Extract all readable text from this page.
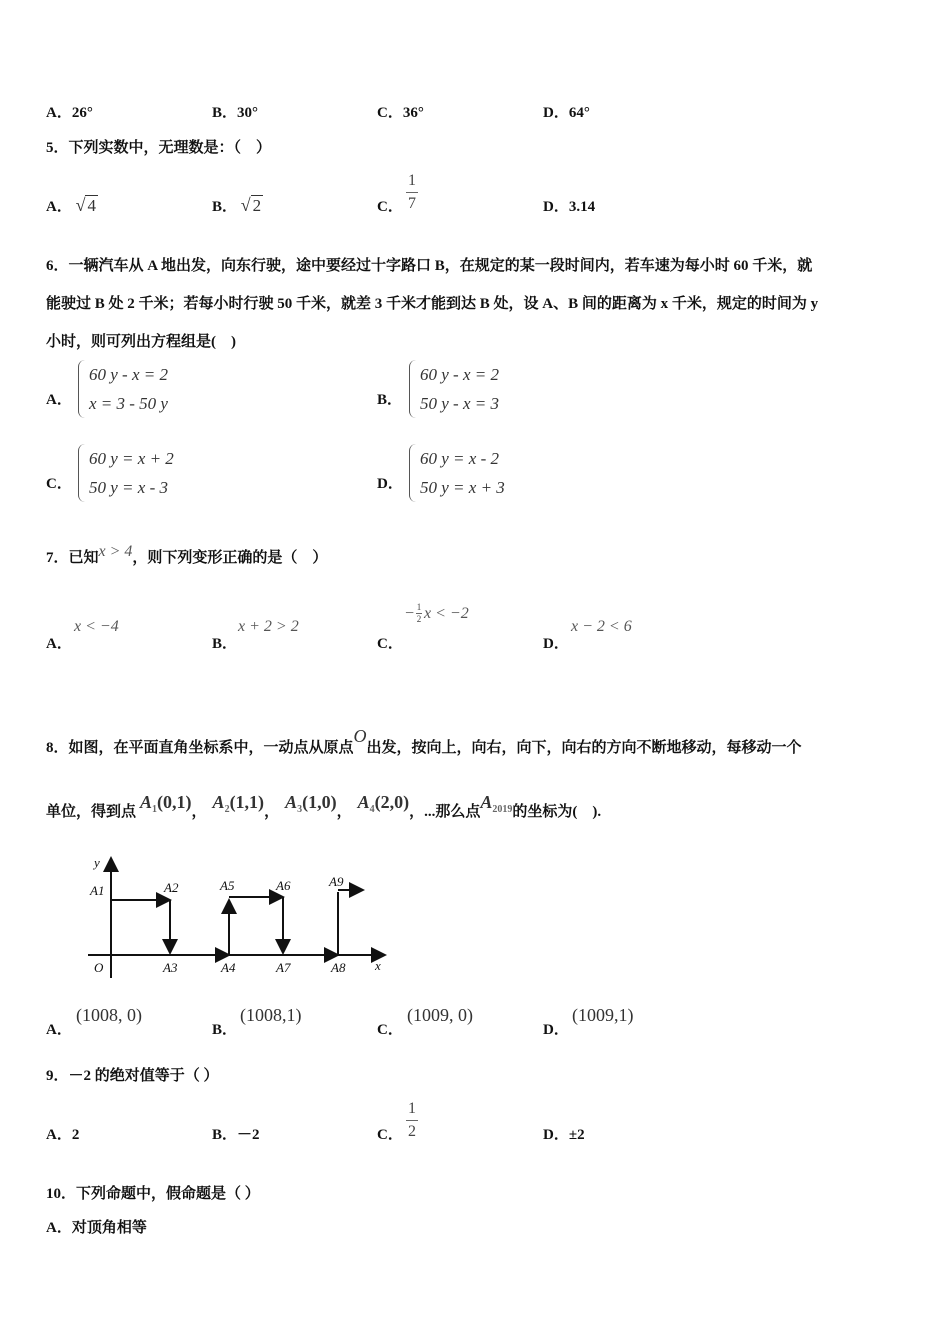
A．26°	B．30°	C．36°	D．64°
5．下列实数中，无理数是：（　）
A． √ 4	B． √ 2	C． $\frac{1}{7}$	D．3.14
6．一辆汽车从 A 地出发，向东行驶，途中要经过十字路口 B，在规定的某一段时间内，若车速为每小时 60 千米，就
能驶过 B 处 2 千米；若每小时行驶 50 千米，就差 3 千米才能到达 B 处，设 A、B 间的距离为 x 千米，规定的时间为 y
小时，则可列出方程组是(　)
A．
60 y - x = 2
x = 3 - 50 y	B．
60 y - x = 2
50 y - x = 3
C．
60 y = x + 2
50 y = x - 3	D．
60 y = x - 2
50 y = x + 3
7．已知x > 4，则下列变形正确的是（　）
A．
x < −4
B．
x + 2 > 2
C．
− $\frac{1}{2}$ x < −2
D．
x − 2 < 6
8．如图，在平面直角坐标系中，一动点从原点O出发，按向上，向右，向下，向右的方向不断地移动，每移动一个
单位，得到点 $A_1(0,1)$ ， $A_2(1,1)$ ， $A_3(1,0)$ ， $A_4(2,0)$ ，...那么点 $A_{2019}$ 的坐标为(　).
y
A1	A2	A5	A6	A9
O	A3	A4	A7	A8 x
A．
(1008, 0)
B．
(1008,1)
C．
(1009, 0)
D．
(1009,1)
9．－2 的绝对值等于（ ）
A．2	B．－2	C． $\frac{1}{2}$	D．±2
10．下列命题中，假命题是（ ）
A．对顶角相等
